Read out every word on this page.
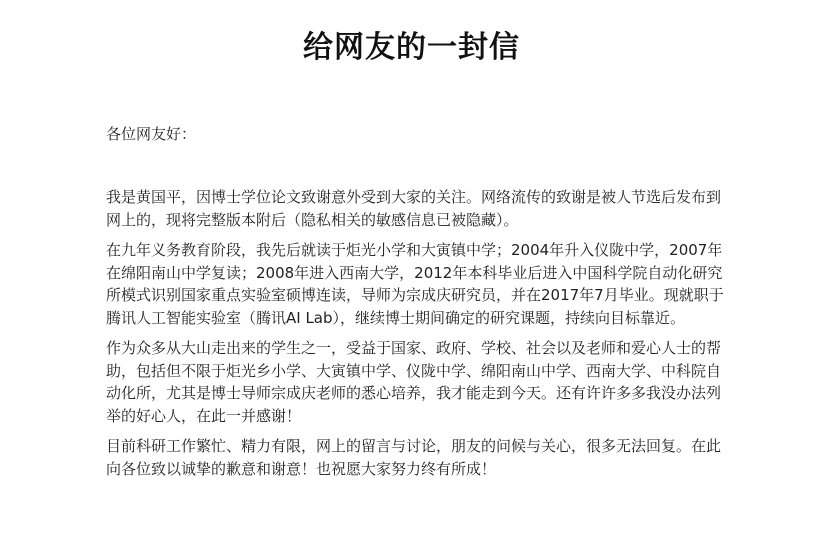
给网友的一封信
各位网友好：

我是黄国平，因博士学位论文致谢意外受到大家的关注。网络流传的致谢是被人节选后发布到
网上的，现将完整版本附后（隐私相关的敏感信息已被隐藏）。

在九年义务教育阶段，我先后就读于炬光小学和大寅镇中学；2004年升入仪陇中学，2007年
在绵阳南山中学复读；2008年进入西南大学，2012年本科毕业后进入中国科学院自动化研究
所模式识别国家重点实验室硕博连读，导师为宗成庆研究员，并在2017年7月毕业。现就职于
腾讯人工智能实验室（腾讯AI Lab），继续博士期间确定的研究课题，持续向目标靠近。

作为众多从大山走出来的学生之一，受益于国家、政府、学校、社会以及老师和爱心人士的帮
助，包括但不限于炬光乡小学、大寅镇中学、仪陇中学、绵阳南山中学、西南大学、中科院自
动化所，尤其是博士导师宗成庆老师的悉心培养，我才能走到今天。还有许许多多我没办法列
举的好心人，在此一并感谢！

目前科研工作繁忙、精力有限，网上的留言与讨论，朋友的问候与关心，很多无法回复。在此
向各位致以诚挚的歉意和谢意！也祝愿大家努力终有所成！
